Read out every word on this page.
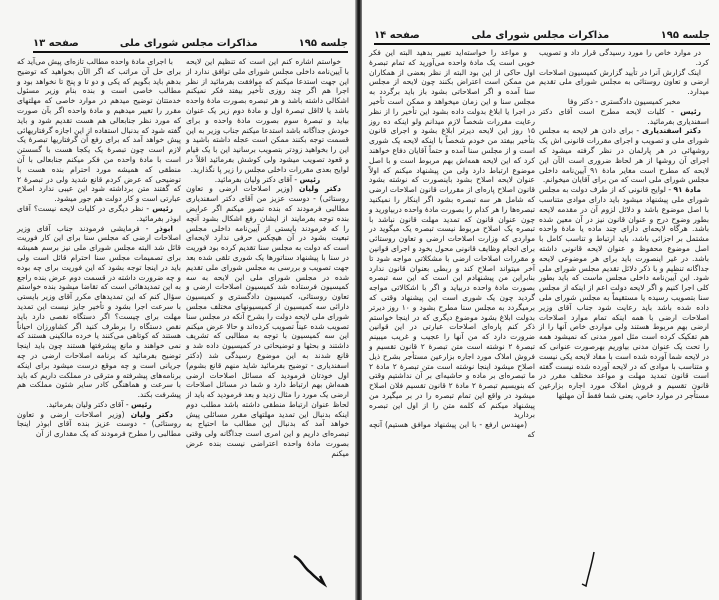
جلسه ۱۹۵
مذاکرات مجلس شورای ملی
صفحه ۱۳

خواستم اشاره کنم این است که تنظیم این لایحه با آیین‌نامه داخلی مجلس شورای ملی توافق ندارد از این جهت استدعا میکنم که موافقت بفرمائید از نظر اجرا هم اگر چند روزی تأخیر بیفتد فکر نمیکنم اشکالی داشته باشد و هر تبصره بصورت مادهٔ واحده باشد یا لااقل تبصرهٔ اول و مادهٔ دوم زیر یک عنوان بیاید و تبصرهٔ سوم بصورت مادهٔ واحده و برای خودش جداگانه باشد استدعا میکنم جناب وزیر به این قسمت توجه بکنند ممکن است عجله داشته باشید و این را بخواهید زودتر بتصویب برسانید این با یک قیام و قعود تصویب میشود ولی کوشش بفرمائید اقلاً در لوایح بعدی مقررات داخلی مجلس را زیر پا نگذارید.

رئیس - آقای دکتر ولیان بفرمائید.

دکتر ولیان (وزیر اصلاحات ارضی و تعاون روستائی) - دوست عزیز من آقای دکتر اسفندیاری مطالبی فرمودند که بنده تصور میکنم اگر عرایض بنده توجه بفرمایند از ایشان رفع اشکال بشود آنچه را که فرمودند بایستی از آیین‌نامه داخلی مجلس تبعیت بشود در آن هیچکس حرفی ندارد لایحه‌ای است که دولت به مجلس سنا تقدیم کرده بود فوریت در سنا با پیشنهاد سناتورها یک شوری تلقی شده بعد جهت تصویب و بررسی به مجلس شورای ملی تقدیم شده در مجلس شورای ملی این لایحه به سه کمیسیون فرستاده شد کمیسیون اصلاحات ارضی و تعاون روستائی، کمیسیون دادگستری و کمیسیون دارائی سه کمیسیون از کمیسیونهای مختلف مجلس شورای ملی لایحه دولت را بشرح آنکه در مجلس سنا تصویب شده عیناً تصویب کرده‌اند و حالا عرض میکنم این سه کمیسیون با توجه به مطالبی که تشریف داشتند و بحثها و توضیحاتی در کمیسیون داده شد و قانع شدند به این موضوع رسیدگی شد (دکتر اسفندیاری - توضیح بفرمائید شاید منهم قانع بشوم) اول خودتان فرمودید که مسائل اصلاحات ارضی همه‌اش بهم ارتباط دارد و شما در مسائل اصلاحات ارضی یک مورد را مثال زدید و بعد فرمودید که باید از لحاظ عنوان ارتباط منطقی داشته باشد مطلب دوم اینکه بدنبال این تمدید مهلتهای مقرر مسائلی پیش خواهد آمد که بدنبال این مطالب ما احتیاج به تبصره‌ای داریم و این امری است جداگانه ولی وقتی بصورت مادهٔ واحده اعتراضی نیست بنده عرض میکنم

با اجرای مادهٔ واحده مطالب تازه‌ای پیش می‌آید که برای حل آن مراتب که اگر الآن بخواهید که توضیح بدهم باید بگویم که یکی و دو تا و پنج تا نخواهد بود و مطالب خاصی است و بنده بنام وزیر مسئول خدمتتان توضیح میدهم در موارد خاصی که مهلتهای مقرر را تغییر میدهیم و مادهٔ واحده اگر بآن صورت که مورد نظر جنابعالی هم هست تقدیم شود و باید گفته شود که بدنبال استفاده از این اجازه گرفتاریهائی پیش خواهد آمد که برای رفع آن گرفتاریها تبصرهٔ یک لازم است چون تبصرهٔ یک یکجا هست با گسستن است با مادهٔ واحده من فکر میکنم جنابعالی با آن منطقی که همیشه مورد احترام بنده هست با توضیحی که عرض کردم قانع شدید ولی در تبصرهٔ ۲ که گفتند متن برداشته شود این عیبی ندارد اصلاح عبارتی است و کار دولت هم جور میشود.

رئیس - نظر دیگری در کلیات لایحه نیست؟ آقای ابوذر بفرمائید.

ابوذر - فرمایشی فرمودند جناب آقای وزیر اصلاحات ارضی که مجلس سنا برای این کار فوریت قائل شد البته مجلس شورای ملی نیز برسم همیشه برای تصمیمات مجلس سنا احترام قائل است ولی باید در اینجا توجه بشود که این فوریت برای چه بوده و چه ضرورت داشته در قسمت دوم عرض بنده راجع به این تمدیدهائی است که تقاضا میشود بنده خواستم سؤال کنم که این تمدیدهای مکرر آقای وزیر بایستی با سرعت اجرا بشود و تأخیر جایز نیست این تمدید مهلت برای چیست؟ اگر دستگاه نقصی دارد باید نقص دستگاه را برطرف کنید اگر کشاورزان احیاناً هستند که کوتاهی می‌کنند یا خرده مالکینی هستند که نمی خواهند و مانع پیشرفتها هستند چون باید اینجا توضیح بفرمائید که برنامه اصلاحات ارضی در چه جریانی است و چه موقع درست میشود برای اینکه برنامه‌های پیشرفته و مترقی در مملکت داریم که باید با سرعت و هماهنگی کادر سایر شئون مملکت هم پیشرفت بکند.

رئیس - آقای دکتر ولیان بفرمائید.

دکتر ولیان (وزیر اصلاحات ارضی و تعاون روستائی) - دوست عزیز بنده آقای ابوذر اینجا مطالبی را مطرح فرمودند که یک مقداری از آن

جلسه ۱۹۵
مذاکرات مجلس شورای ملی
صفحه ۱۴

در موارد خاص را مورد رسیدگی قرار داد و تصویب کرد.

اینک گزارش آنرا در تأیید گزارش کمیسیون اصلاحات ارضی و تعاون روستائی به مجلس شورای ملی تقدیم میدارد.

مخبر کمیسیون دادگستری - دکتر وفا

رئیس - کلیات لایحه مطرح است آقای دکتر اسفندیاری بفرمائید.

دکتر اسفندیاری - برای دادن هر لایحه به مجلس شورای ملی و تصویب و اجرای مقررات قانونی اش یک روشهائی در هر پارلمان در نظر گرفته میشود که اجرای آن روشها از هر لحاظ ضروری است الآن این لایحه که مطرح است مغایر مادهٔ ۹۱ آیین‌نامه داخلی مجلس شورای ملی است که من برای آقایان میخوانم.

مادهٔ ۹۱ - لوایح قانونی که از طرف دولت به مجلس شورای ملی پیشنهاد میشود باید دارای موادی متناسب با اصل موضوع باشد و دلائل لزوم آن در مقدمه لایحه بطور وضوح درج و عنوان قانون نیز در آن معین شده باشد. هرگاه لایحه‌ای دارای چند ماده یا مادهٔ واحده مشتمل بر اجزائی باشد، باید ارتباط و تناسب کامل با اصل موضوع محفوظ و عنوان لایحه قانونی داشته باشد. در غیر اینصورت باید برای هر موضوعی لایحه جداگانه تنظیم و با ذکر دلائل تقدیم مجلس شورای ملی شود. این آیین‌نامه داخلی مجلس ماست که باید بطور کلی اجرا کنیم و اگر لایحه دولت اعم از اینکه از مجلس سنا بتصویب رسیده یا مستقیماً به مجلس شورای ملی داده شده باشد باید رعایت شود جناب آقای وزیر اصلاحات ارضی با همه اینکه تمام موارد اصلاحات ارضی بهم مربوط هستند ولی مواردی خاص آنها را از هم تفکیک کرده است مثل امور مدنی که نمیشود همه را تحت یک عنوان مدنی بیاوریم بهرصورت عنوانی که در لایحه شما آورده شده است با مفاد لایحه یکی نیست و متناسب با موادی که در لایحه آورده شده نیست گفته است قانون تمدید مهلت و مواعد مختلف مقرر در قانون تقسیم و فروش املاک مورد اجاره بزارعین مستأجر در موارد خاص، یعنی شما فقط آن مهلتها

و مواعد را خواسته‌اید تغییر بدهید البته این فکر خوبی است یک مادهٔ واحده می‌آورید که تمام تبصرهٔ اول حاکی از این بود البته از نظر بعضی از همکاران من ممکن است اعتراض بکنند چون لایحه از مجلس سنا آمده و اگر اصلاحاتی بشود باز باید برگردد به مجلس سنا و این زمان میخواهد و ممکن است تأخیر در اجرا یا ابلاغ بدولت داده بشود این تأخیر را از نظر رعایت مقررات شخصاً لازم میدانم ولو اینکه ده روز ۱۵ روز این لایحه دیرتر ابلاغ بشود و اجرای قانون بتأخیر بیفتد من خودم شخصاً با اینکه لایحه یک شوری است و از مجلس سنا آمده و حتماً آقایان دفاع خواهند کرد که این لایحه همه‌اش بهم مربوط است و با اصل موضوع ارتباط دارد ولی من پیشنهاد میکنم که اولاً عنوان لایحه اصلاح بشود باینصورت که نوشته بشود قانون اصلاح پاره‌ای از مقررات قانون اصلاحات ارضی که شامل هر سه تبصره بشود اگر اینکار را نمیکنید تبصره‌ها را هر کدام را بصورت مادهٔ واحده دربیاورید و چون عنوان قانون که تمدید مهلت قانون نباشد با تبصره یک اصلاح مربوط نیست تبصره یک میگوید در مواردی که وزارت اصلاحات ارضی و تعاون روستائی برای انجام وظایف قانونی محول بخود و اجرای قوانین و مقررات اصلاحات ارضی با مشکلاتی مواجه شود تا آخر میتواند اصلاح کند و ربطی بعنوان قانون ندارد بنابراین من پیشنهادم این است که این سه تبصره بصورت مادهٔ واحده دربیاید و اگر با اشکالاتی مواجه گردید چون یک شوری است این پیشنهاد وقتی که برمیگردد به مجلس سنا مطرح بشود و ۱۰ روز دیرتر بدولت ابلاغ بشود موضوع دیگری که در اینجا خواستم ذکر کنم پاره‌ای اصلاحات عبارتی در این قوانین ضرورت دارد که من آنها را عجیب و غریب میبینم تبصرهٔ ۲ نوشته است متن تبصرهٔ ۲ قانون تقسیم و فروش املاک مورد اجاره بزارعین مستأجر بشرح ذیل اصلاح میشود اینجا نوشته است متن تبصرهٔ ۲ مادهٔ ۲ ما تبصره‌ای بر ماده و حاشیه‌ای بر آن نداشتیم وقتی که بنویسیم تبصرهٔ ۲ مادهٔ ۲ قانون تقسیم فلان اصلاح میشود در واقع این تمام تبصره را در بر میگیرد من پیشنهاد میکنم که کلمه متن را از اول این تبصره بردارید

(مهندس ارفع - با این پیشنهاد موافق هستیم) آنچه که
